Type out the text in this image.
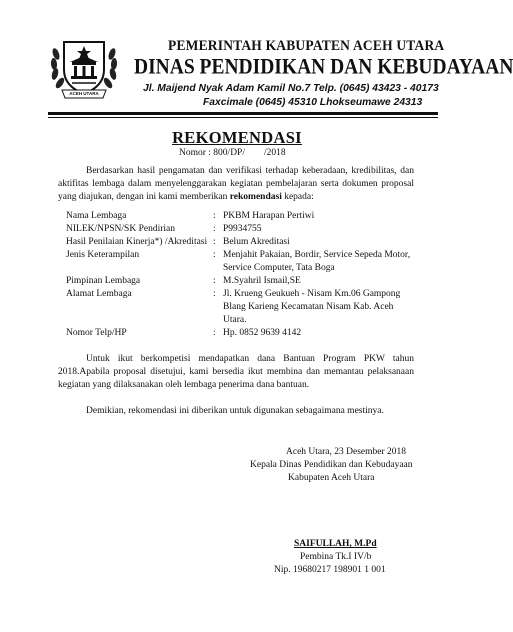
ACEH UTARA
PEMERINTAH KABUPATEN ACEH UTARA
DINAS PENDIDIKAN DAN KEBUDAYAAN
Jl. Maijend Nyak Adam Kamil No.7 Telp. (0645) 43423 - 40173
Faxcimale (0645) 45310 Lhokseumawe 24313
REKOMENDASI
Nomor : 800/DP/        /2018

Berdasarkan hasil pengamatan dan verifikasi terhadap keberadaan, kredibilitas, dan aktifitas lembaga dalam menyelenggarakan kegiatan pembelajaran serta dokumen proposal yang diajukan, dengan ini kami memberikan rekomendasi kepada:

Nama Lembaga	: PKBM Harapan Pertiwi
NILEK/NPSN/SK Pendirian	: P9934755
Hasil Penilaian Kinerja*) /Akreditasi : Belum Akreditasi
Jenis Keterampilan	: Menjahit Pakaian, Bordir, Service Sepeda Motor, Service Computer, Tata Boga
Pimpinan Lembaga	: M.Syahril Ismail,SE
Alamat Lembaga	: Jl. Krueng Geukueh - Nisam Km.06 Gampong Blang Karieng Kecamatan Nisam Kab. Aceh Utara.
Nomor Telp/HP	: Hp. 0852 9639 4142

Untuk ikut berkompetisi mendapatkan dana Bantuan Program PKW tahun 2018.Apabila proposal disetujui, kami bersedia ikut membina dan memantau pelaksanaan kegiatan yang dilaksanakan oleh lembaga penerima dana bantuan.

Demikian, rekomendasi ini diberikan untuk digunakan sebagaimana mestinya.

Aceh Utara, 23 Desember 2018
Kepala Dinas Pendidikan dan Kebudayaan
Kabupaten Aceh Utara
SAIFULLAH, M.Pd
Pembina Tk.I IV/b
Nip. 19680217 198901 1 001
